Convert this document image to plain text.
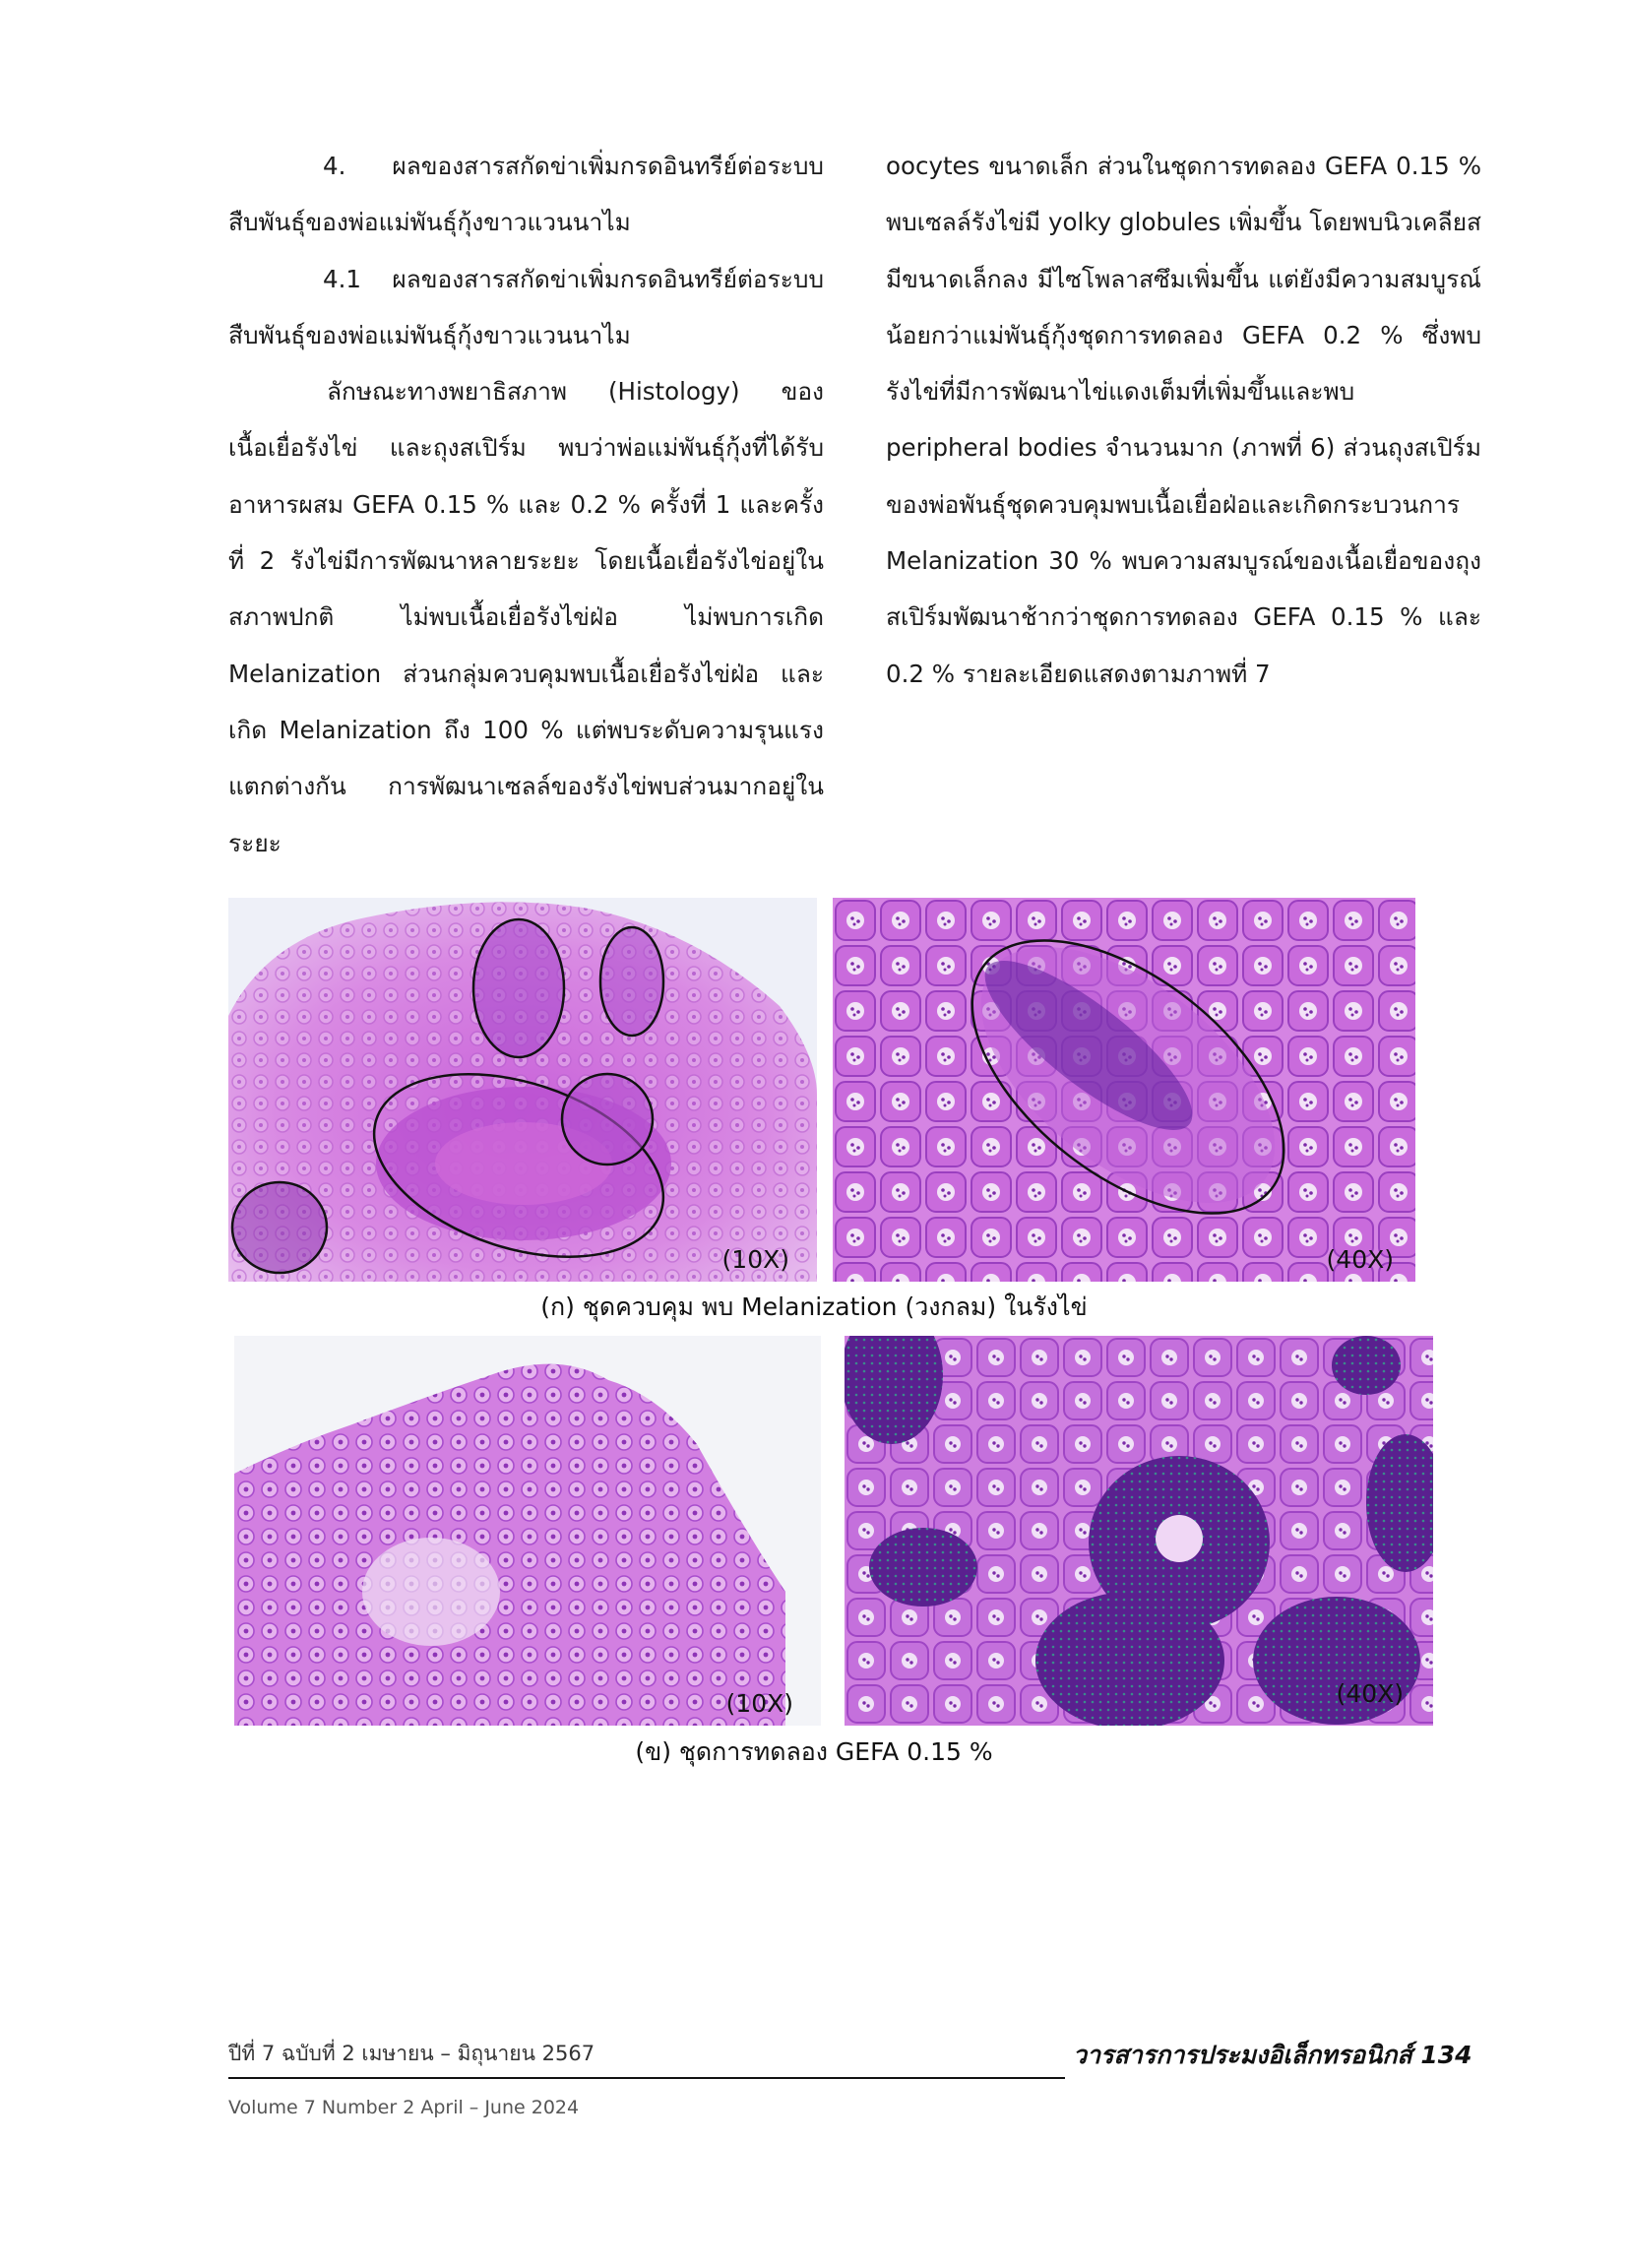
4. ผลของสารสกัดข่าเพิ่มกรดอินทรีย์ต่อระบบสืบพันธุ์ของพ่อแม่พันธุ์กุ้งขาวแวนนาไม

4.1 ผลของสารสกัดข่าเพิ่มกรดอินทรีย์ต่อระบบสืบพันธุ์ของพ่อแม่พันธุ์กุ้งขาวแวนนาไม

ลักษณะทางพยาธิสภาพ (Histology) ของเนื้อเยื่อรังไข่ และถุงสเปิร์ม พบว่าพ่อแม่พันธุ์กุ้งที่ได้รับอาหารผสม GEFA 0.15 % และ 0.2 % ครั้งที่ 1 และครั้งที่ 2 รังไข่มีการพัฒนาหลายระยะ โดยเนื้อเยื่อรังไข่อยู่ในสภาพปกติ ไม่พบเนื้อเยื่อรังไข่ฝ่อ ไม่พบการเกิด Melanization ส่วนกลุ่มควบคุมพบเนื้อเยื่อรังไข่ฝ่อ และเกิด Melanization ถึง 100 % แต่พบระดับความรุนแรงแตกต่างกัน การพัฒนาเซลล์ของรังไข่พบส่วนมากอยู่ในระยะ

oocytes ขนาดเล็ก ส่วนในชุดการทดลอง GEFA 0.15 % พบเซลล์รังไข่มี yolky globules เพิ่มขึ้น โดยพบนิวเคลียสมีขนาดเล็กลง มีไซโพลาสซึมเพิ่มขึ้น แต่ยังมีความสมบูรณ์น้อยกว่าแม่พันธุ์กุ้งชุดการทดลอง GEFA 0.2 % ซึ่งพบรังไข่ที่มีการพัฒนาไข่แดงเต็มที่เพิ่มขึ้นและพบ peripheral bodies จำนวนมาก (ภาพที่ 6) ส่วนถุงสเปิร์มของพ่อพันธุ์ชุดควบคุมพบเนื้อเยื่อฝ่อและเกิดกระบวนการ Melanization 30 % พบความสมบูรณ์ของเนื้อเยื่อของถุงสเปิร์มพัฒนาช้ากว่าชุดการทดลอง GEFA 0.15 % และ 0.2 % รายละเอียดแสดงตามภาพที่ 7

(10X)	(40X)
(ก) ชุดควบคุม พบ Melanization (วงกลม) ในรังไข่
(10X)	(40X)
(ข) ชุดการทดลอง GEFA 0.15 %
ปีที่ 7 ฉบับที่ 2 เมษายน – มิถุนายน 2567	วารสารการประมงอิเล็กทรอนิกส์ 134
Volume 7 Number 2 April – June 2024
